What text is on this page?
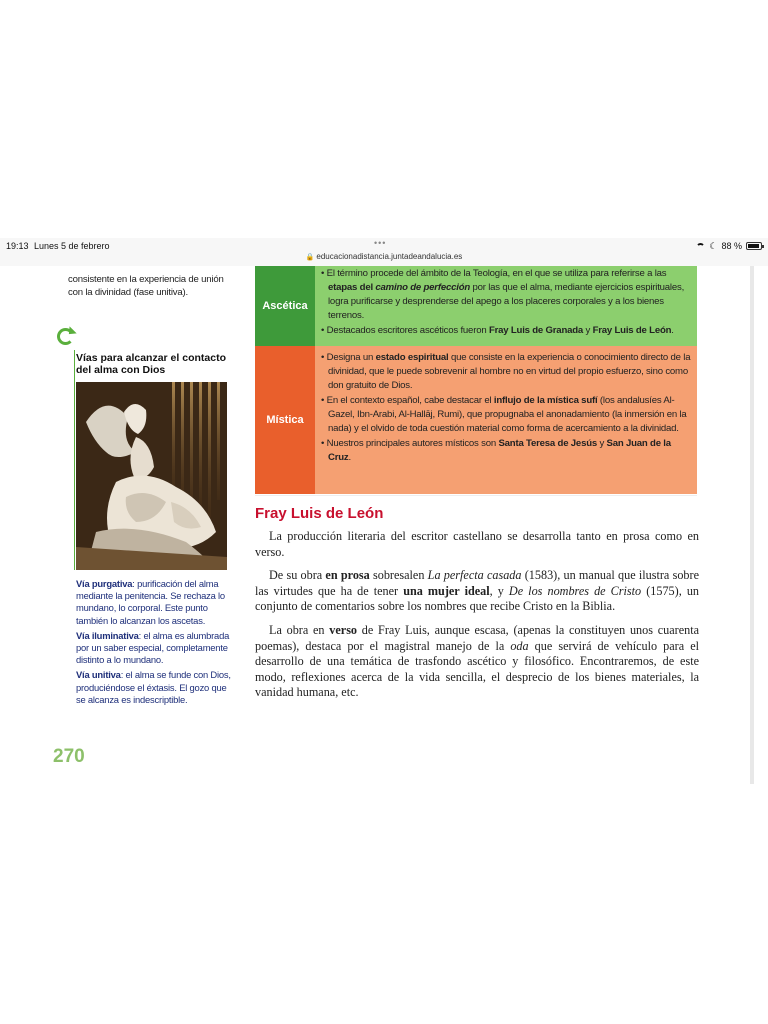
19:13 Lunes 5 de febrero	•••
🔒 educacionadistancia.juntadeandalucia.es
☾ 88 %
consistente en la experiencia de unión con la divinidad (fase unitiva).
Vías para alcanzar el contacto del alma con Dios

Vía purgativa: purificación del alma mediante la penitencia. Se rechaza lo mundano, lo corporal. Este punto también lo alcanzan los ascetas.

Vía iluminativa: el alma es alumbrada por un saber especial, completamente distinto a lo mundano.

Vía unitiva: el alma se funde con Dios, produciéndose el éxtasis. El gozo que se alcanza es indescriptible.

270
Ascética

• El término procede del ámbito de la Teología, en el que se utiliza para referirse a las etapas del camino de perfección por las que el alma, mediante ejercicios espirituales, logra purificarse y desprenderse del apego a los placeres corporales y a los bienes terrenos.

• Destacados escritores ascéticos fueron Fray Luis de Granada y Fray Luis de León.

Mística

• Designa un estado espiritual que consiste en la experiencia o conocimiento directo de la divinidad, que le puede sobrevenir al hombre no en virtud del propio esfuerzo, sino como don gratuito de Dios.

• En el contexto español, cabe destacar el influjo de la mística sufí (los andalusíes Al-Gazel, Ibn-Arabi, Al-Hallāj, Rumi), que propugnaba el anonadamiento (la inmersión en la nada) y el olvido de toda cuestión material como forma de acercamiento a la divinidad.

• Nuestros principales autores místicos son Santa Teresa de Jesús y San Juan de la Cruz.

Fray Luis de León

La producción literaria del escritor castellano se desarrolla tanto en prosa como en verso.

De su obra en prosa sobresalen La perfecta casada (1583), un manual que ilustra sobre las virtudes que ha de tener una mujer ideal, y De los nombres de Cristo (1575), un conjunto de comentarios sobre los nombres que recibe Cristo en la Biblia.

La obra en verso de Fray Luis, aunque escasa, (apenas la constituyen unos cuarenta poemas), destaca por el magistral manejo de la oda que servirá de vehículo para el desarrollo de una temática de trasfondo ascético y filosófico. Encontraremos, de este modo, reflexiones acerca de la vida sencilla, el desprecio de los bienes materiales, la vanidad humana, etc.
